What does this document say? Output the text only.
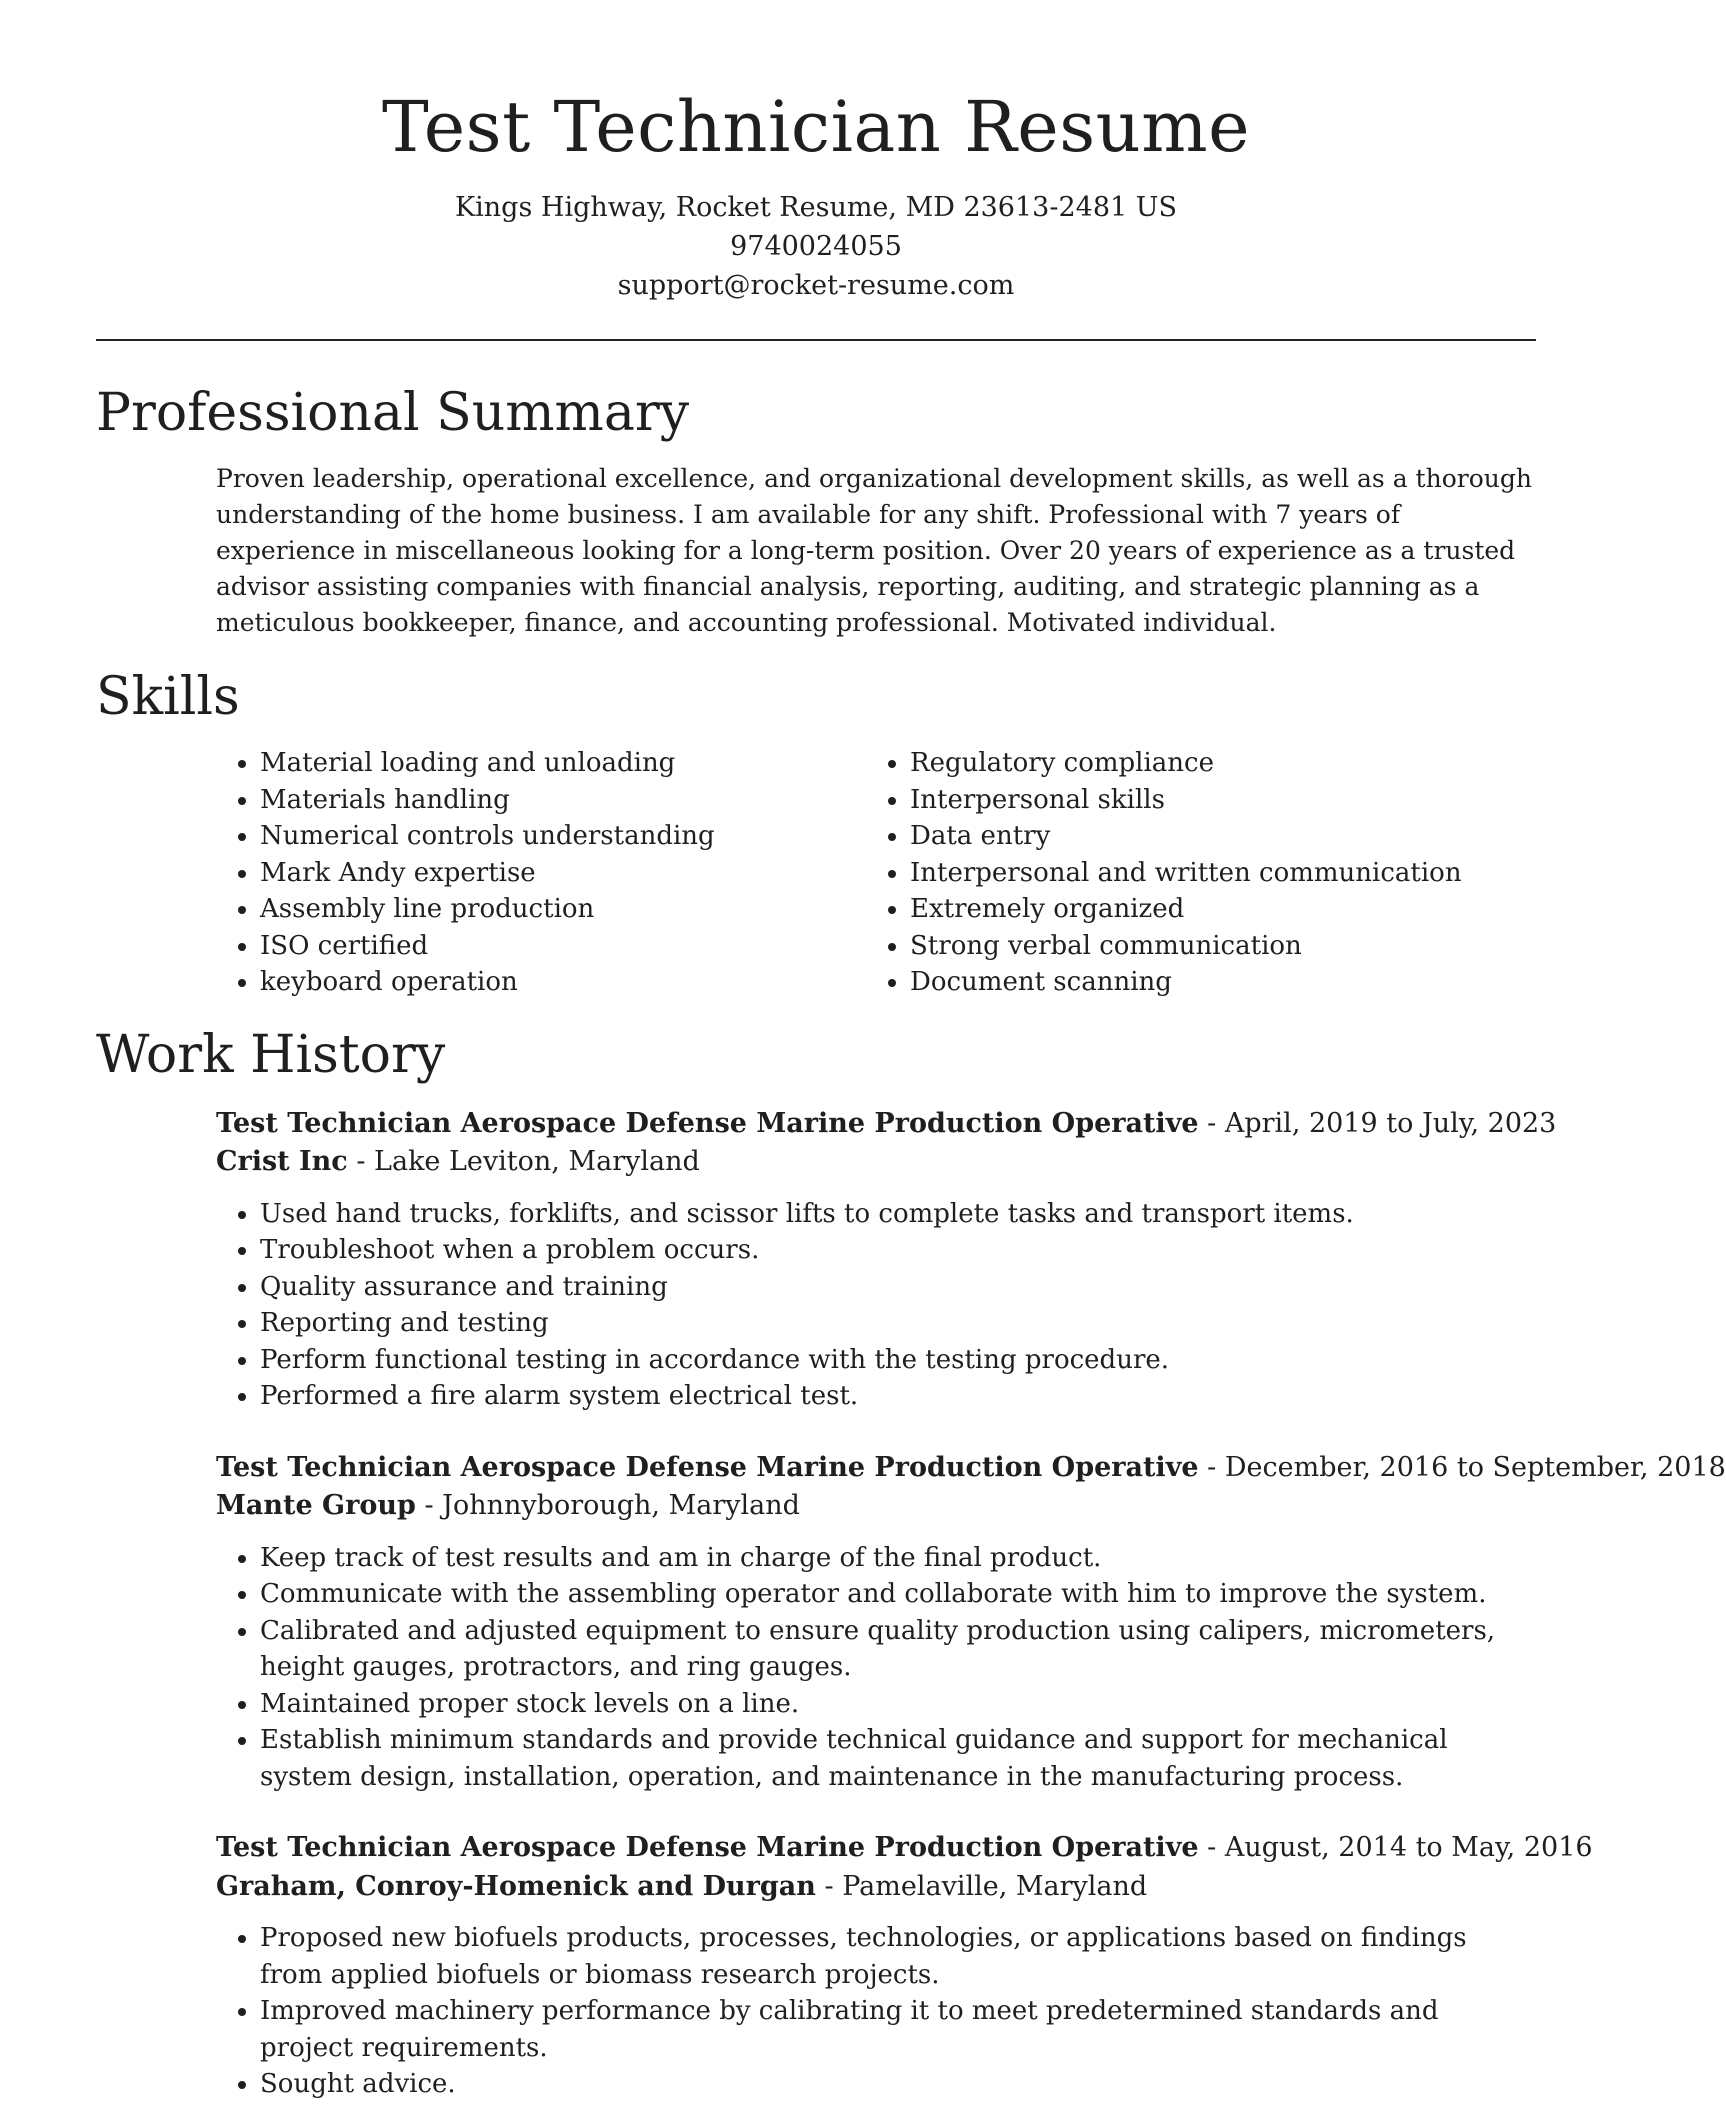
Test Technician Resume
Kings Highway, Rocket Resume, MD 23613-2481 US
9740024055
support@rocket-resume.com
Professional Summary

Proven leadership, operational excellence, and organizational development skills, as well as a thorough understanding of the home business. I am available for any shift. Professional with 7 years of experience in miscellaneous looking for a long-term position. Over 20 years of experience as a trusted advisor assisting companies with financial analysis, reporting, auditing, and strategic planning as a meticulous bookkeeper, finance, and accounting professional. Motivated individual.

Skills
• Material loading and unloading
• Materials handling
• Numerical controls understanding
• Mark Andy expertise
• Assembly line production
• ISO certified
• keyboard operation
• Regulatory compliance
• Interpersonal skills
• Data entry
• Interpersonal and written communication
• Extremely organized
• Strong verbal communication
• Document scanning
Work History
Test Technician Aerospace Defense Marine Production Operative - April, 2019 to July, 2023
Crist Inc - Lake Leviton, Maryland
• Used hand trucks, forklifts, and scissor lifts to complete tasks and transport items.
• Troubleshoot when a problem occurs.
• Quality assurance and training
• Reporting and testing
• Perform functional testing in accordance with the testing procedure.
• Performed a fire alarm system electrical test.
Test Technician Aerospace Defense Marine Production Operative - December, 2016 to September, 2018
Mante Group - Johnnyborough, Maryland
• Keep track of test results and am in charge of the final product.
• Communicate with the assembling operator and collaborate with him to improve the system.
• Calibrated and adjusted equipment to ensure quality production using calipers, micrometers, height gauges, protractors, and ring gauges.
• Maintained proper stock levels on a line.
• Establish minimum standards and provide technical guidance and support for mechanical system design, installation, operation, and maintenance in the manufacturing process.
Test Technician Aerospace Defense Marine Production Operative - August, 2014 to May, 2016
Graham, Conroy-Homenick and Durgan - Pamelaville, Maryland
• Proposed new biofuels products, processes, technologies, or applications based on findings from applied biofuels or biomass research projects.
• Improved machinery performance by calibrating it to meet predetermined standards and project requirements.
• Sought advice.
